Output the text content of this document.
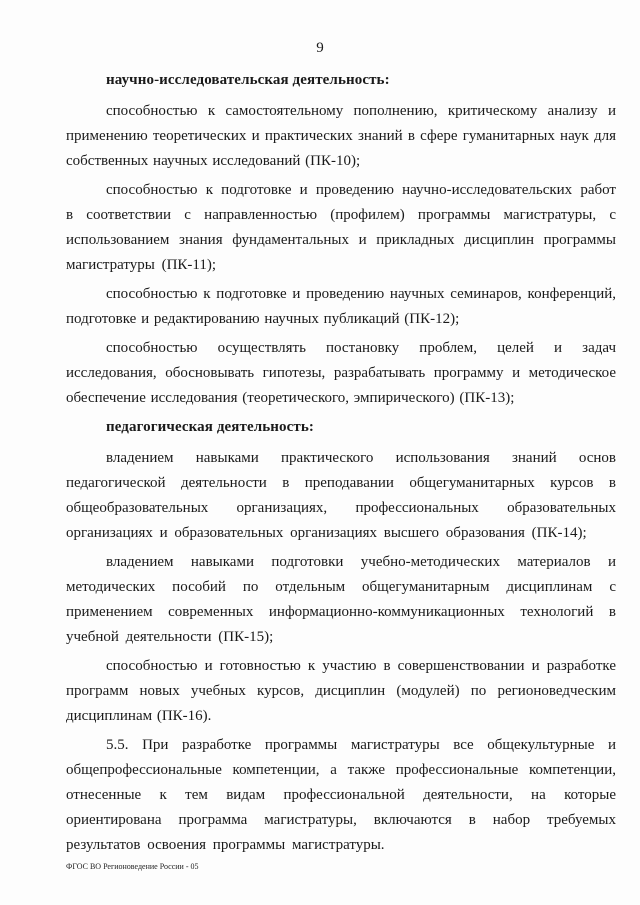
9
научно-исследовательская деятельность:

способностью к самостоятельному пополнению, критическому анализу и применению теоретических и практических знаний в сфере гуманитарных наук для собственных научных исследований (ПК-10);

способностью к подготовке и проведению научно-исследовательских работ в соответствии с направленностью (профилем) программы магистратуры, с использованием знания фундаментальных и прикладных дисциплин программы магистратуры (ПК-11);

способностью к подготовке и проведению научных семинаров, конференций, подготовке и редактированию научных публикаций (ПК-12);

способностью осуществлять постановку проблем, целей и задач исследования, обосновывать гипотезы, разрабатывать программу и методическое обеспечение исследования (теоретического, эмпирического) (ПК-13);

педагогическая деятельность:

владением навыками практического использования знаний основ педагогической деятельности в преподавании общегуманитарных курсов в общеобразовательных организациях, профессиональных образовательных организациях и образовательных организациях высшего образования (ПК-14);

владением навыками подготовки учебно-методических материалов и методических пособий по отдельным общегуманитарным дисциплинам с применением современных информационно-коммуникационных технологий в учебной деятельности (ПК-15);

способностью и готовностью к участию в совершенствовании и разработке программ новых учебных курсов, дисциплин (модулей) по регионоведческим дисциплинам (ПК-16).

5.5. При разработке программы магистратуры все общекультурные и общепрофессиональные компетенции, а также профессиональные компетенции, отнесенные к тем видам профессиональной деятельности, на которые ориентирована программа магистратуры, включаются в набор требуемых результатов освоения программы магистратуры.

ФГОС ВО Регионоведение России - 05
